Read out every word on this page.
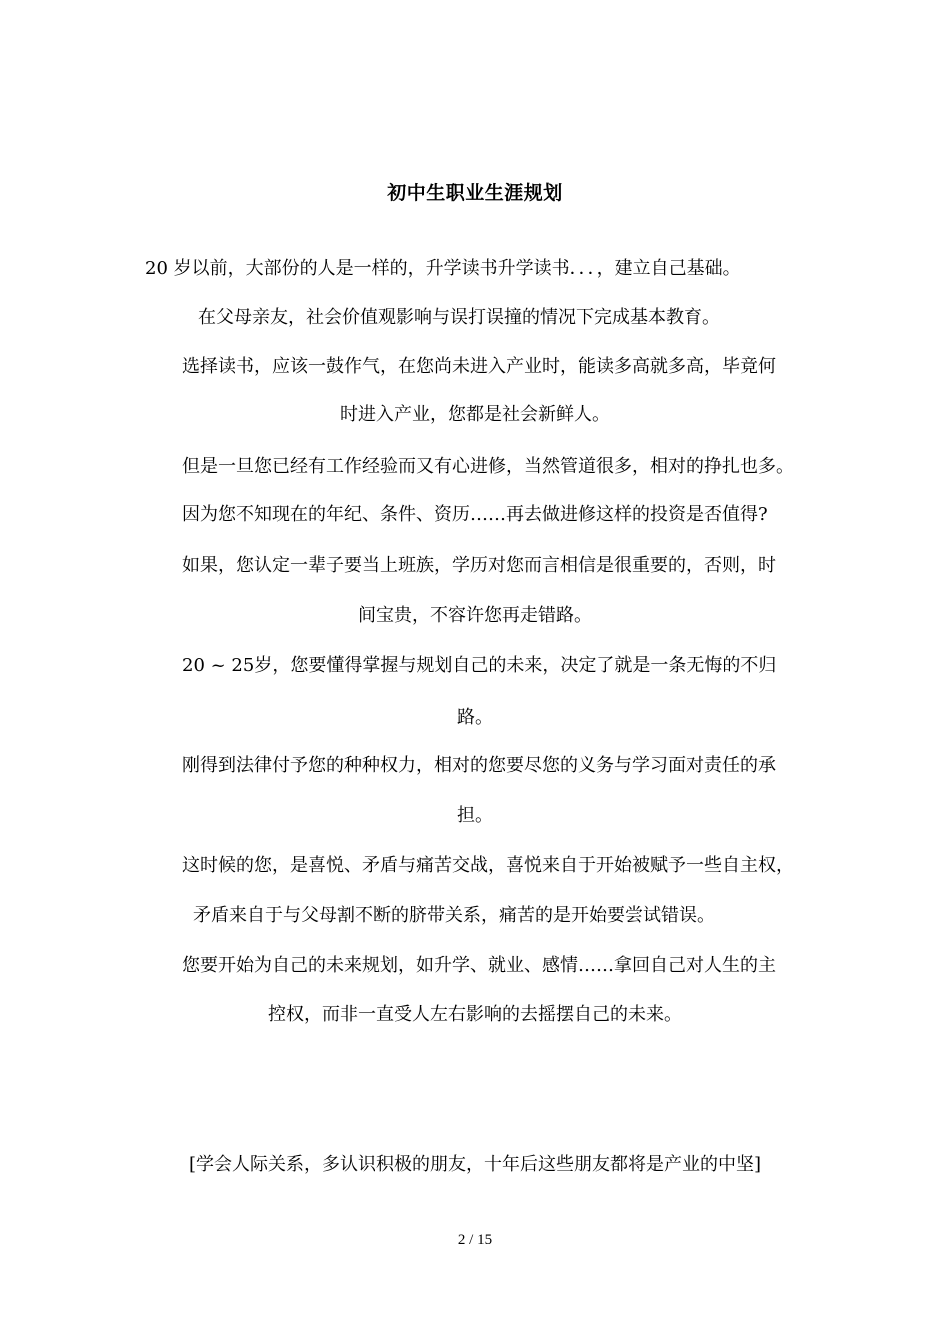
初中生职业生涯规划
20 岁以前，大部份的人是一样的，升学读书升学读书．．．，建立自己基础。
在父母亲友，社会价值观影响与误打误撞的情况下完成基本教育。
选择读书，应该一鼓作气，在您尚未进入产业时，能读多高就多高，毕竟何
时进入产业，您都是社会新鲜人。
但是一旦您已经有工作经验而又有心进修，当然管道很多，相对的挣扎也多。
因为您不知现在的年纪、条件、资历……再去做进修这样的投资是否值得?
如果，您认定一辈子要当上班族，学历对您而言相信是很重要的，否则，时
间宝贵，不容许您再走错路。
20 ~ 25岁，您要懂得掌握与规划自己的未来，决定了就是一条无悔的不归
路。
刚得到法律付予您的种种权力，相对的您要尽您的义务与学习面对责任的承
担。
这时候的您，是喜悦、矛盾与痛苦交战，喜悦来自于开始被赋予一些自主权，
矛盾来自于与父母割不断的脐带关系，痛苦的是开始要尝试错误。
您要开始为自己的未来规划，如升学、就业、感情……拿回自己对人生的主
控权，而非一直受人左右影响的去摇摆自己的未来。
[学会人际关系，多认识积极的朋友，十年后这些朋友都将是产业的中坚]
2 / 15
